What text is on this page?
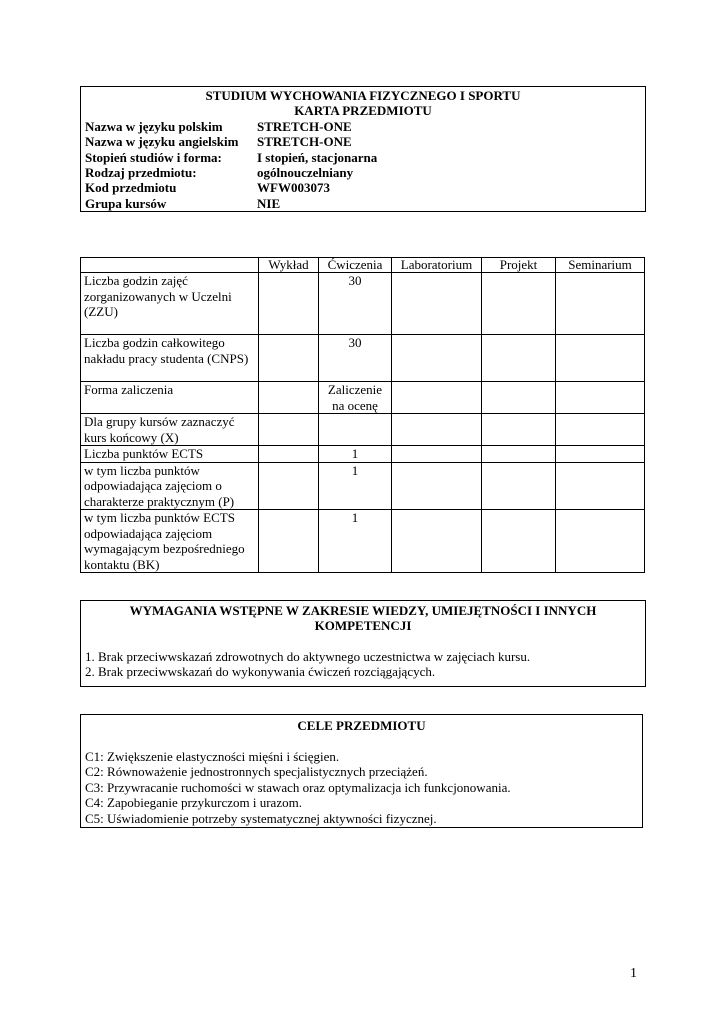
STUDIUM WYCHOWANIA FIZYCZNEGO I SPORTU
KARTA PRZEDMIOTU
Nazwa w języku polskim	STRETCH-ONE
Nazwa w języku angielskim	STRETCH-ONE
Stopień studiów i forma:	I stopień, stacjonarna
Rodzaj przedmiotu:	ogólnouczelniany
Kod przedmiotu	WFW003073
Grupa kursów	NIE
	Wykład	Ćwiczenia	Laboratorium	Projekt	Seminarium
Liczba godzin zajęć zorganizowanych w Uczelni (ZZU)		30			
Liczba godzin całkowitego nakładu pracy studenta (CNPS)		30			
Forma zaliczenia		Zaliczenie na ocenę			
Dla grupy kursów zaznaczyć kurs końcowy (X)					
Liczba punktów ECTS		1			
w tym liczba punktów odpowiadająca zajęciom o charakterze praktycznym (P)		1			
w tym liczba punktów ECTS odpowiadająca zajęciom wymagającym bezpośredniego kontaktu (BK)		1			
WYMAGANIA WSTĘPNE W ZAKRESIE WIEDZY, UMIEJĘTNOŚCI I INNYCH
KOMPETENCJI
1. Brak przeciwwskazań zdrowotnych do aktywnego uczestnictwa w zajęciach kursu.
2. Brak przeciwwskazań do wykonywania ćwiczeń rozciągających.
CELE PRZEDMIOTU
C1: Zwiększenie elastyczności mięśni i ścięgien.
C2: Równoważenie jednostronnych specjalistycznych przeciążeń.
C3: Przywracanie ruchomości w stawach oraz optymalizacja ich funkcjonowania.
C4: Zapobieganie przykurczom i urazom.
C5: Uświadomienie potrzeby systematycznej aktywności fizycznej.
1
